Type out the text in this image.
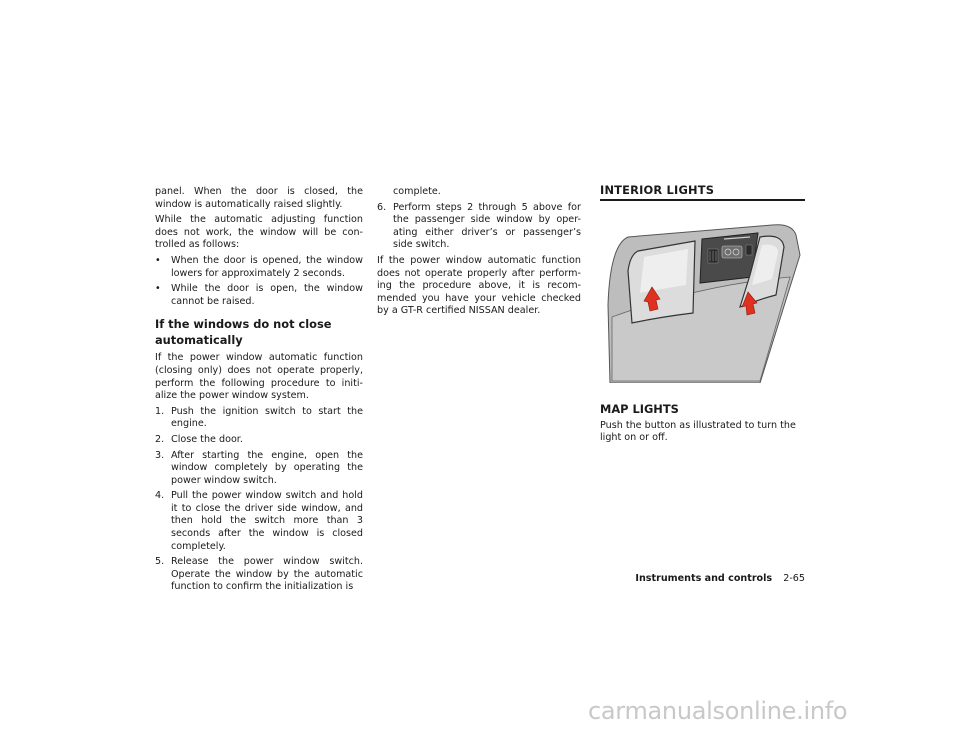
panel. When the door is closed, the window is automatically raised slightly.

While the automatic adjusting function does not work, the window will be con-trolled as follows:

• When the door is opened, the window lowers for approximately 2 seconds.
• While the door is open, the window cannot be raised.
If the windows do not close automatically

If the power window automatic function (closing only) does not operate properly, perform the following procedure to initi-alize the power window system.

1. Push the ignition switch to start the engine.
2. Close the door.
3. After starting the engine, open the window completely by operating the power window switch.
4. Pull the power window switch and hold it to close the driver side window, and then hold the switch more than 3 seconds after the window is closed completely.
5. Release the power window switch. Operate the window by the automatic function to confirm the initialization is

complete.

6. Perform steps 2 through 5 above for the passenger side window by oper-ating either driver’s or passenger’s side switch.

If the power window automatic function does not operate properly after perform-ing the procedure above, it is recom-mended you have your vehicle checked by a GT-R certified NISSAN dealer.

INTERIOR LIGHTS
MAP LIGHTS

Push the button as illustrated to turn the light on or off.

Instruments and controls 2-65
carmanualsonline.info
